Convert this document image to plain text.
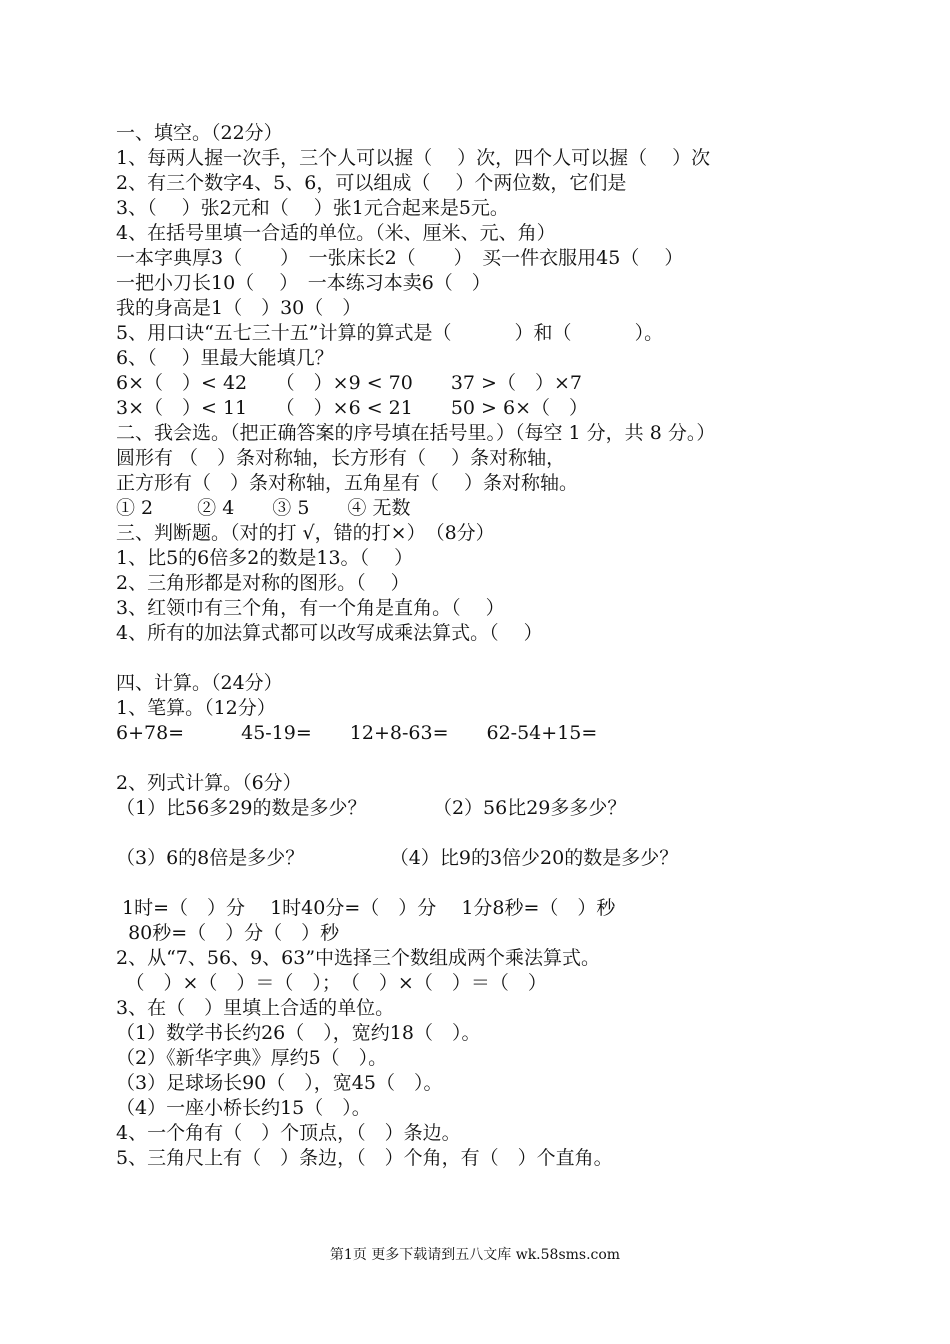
一、填空。（22分）
1、每两人握一次手，三个人可以握（　 ）次，四个人可以握（　 ）次
2、有三个数字4、5、6，可以组成（　 ）个两位数，它们是
3、（　 ）张2元和（　 ）张1元合起来是5元。
4、在括号里填一合适的单位。（米、厘米、元、角）
一本字典厚3（　　）　一张床长2（　　）　买一件衣服用45（　 ）
一把小刀长10（　 ）　一本练习本卖6（　）
我的身高是1（　）30（　）
5、用口诀“五七三十五”计算的算式是（　　　 ）和（　　　 ）。
6、（　 ）里最大能填几？
6×（　）< 42　　（　）×9 < 70　　37 >（　）×7
3×（　）< 11　　（　）×6 < 21　　50 > 6×（　）
二、我会选。（把正确答案的序号填在括号里。）（每空 1 分，共 8 分。）
圆形有 （　）条对称轴，长方形有（　 ）条对称轴，
正方形有（　）条对称轴，五角星有（　 ）条对称轴。
① 2　　 ② 4　　③ 5　　④ 无数
三、判断题。（对的打 √，错的打×）　（8分）
1、比5的6倍多2的数是13。（　 ）
2、三角形都是对称的图形。（　 ）
3、红领巾有三个角，有一个角是直角。（　 ）
4、所有的加法算式都可以改写成乘法算式。（　 ）
四、计算。（24分）
1、笔算。（12分）
6+78=　　　45-19=　　12+8-63=　　62-54+15=
2、列式计算。（6分）
（1）比56多29的数是多少？　　　　（2）56比29多多少？
（3）6的8倍是多少？　　　　　（4）比9的3倍少20的数是多少？
1时=（　）分　 1时40分=（　）分　 1分8秒=（　）秒
80秒=（　）分（　）秒
2、从“7、56、9、63”中选择三个数组成两个乘法算式。
　（　）×（　）＝（　）；　（　）×（　）＝（　）
3、在（　）里填上合适的单位。
（1）数学书长约26（　），宽约18（　）。
（2）《新华字典》厚约5（　）。
（3）足球场长90（　），宽45（　）。
（4）一座小桥长约15（　）。
4、一个角有（　）个顶点，（　）条边。
5、三角尺上有（　）条边，（　）个角，有（　）个直角。
第1页 更多下载请到五八文库 wk.58sms.com
